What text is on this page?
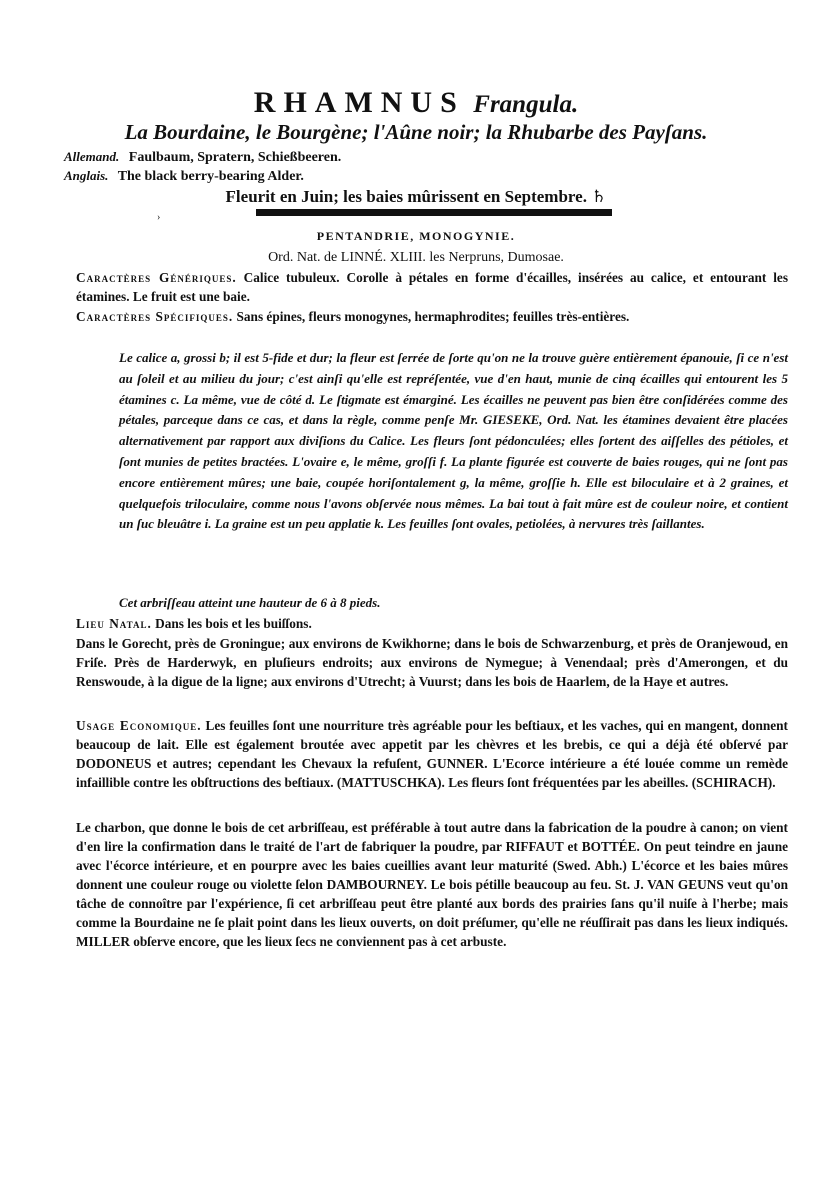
RHAMNUS Frangula.
La Bourdaine, le Bourgène; l'Aûne noir; la Rhubarbe des Payſans.
Allemand. Faulbaum, Spratern, Schießbeeren.
Anglais. The black berry-bearing Alder.
Fleurit en Juin; les baies mûrissent en Septembre. ♄
›
PENTANDRIE, MONOGYNIE.
Ord. Nat. de LINNÉ. XLIII. les Nerpruns, Dumosae.
Caractères Génériques. Calice tubuleux. Corolle à pétales en forme d'écailles, insérées au calice, et entourant les étamines. Le fruit est une baie.
Caractères Spécifiques. Sans épines, fleurs monogynes, hermaphrodites; feuilles très-entières.
Le calice a, grossi b; il est 5-fide et dur; la fleur est ſerrée de ſorte qu'on ne la trouve guère entièrement épanouie, ſi ce n'est au ſoleil et au milieu du jour; c'est ainſi qu'elle est repréſentée, vue d'en haut, munie de cinq écailles qui entourent les 5 étamines c. La même, vue de côté d. Le ſtigmate est émarginé. Les écailles ne peuvent pas bien être conſidérées comme des pétales, parceque dans ce cas, et dans la règle, comme penſe Mr. GIESEKE, Ord. Nat. les étamines devaient être placées alternativement par rapport aux diviſions du Calice. Les fleurs ſont pédonculées; elles ſortent des aiſſelles des pétioles, et ſont munies de petites bractées. L'ovaire e, le même, groſſi f. La plante figurée est couverte de baies rouges, qui ne ſont pas encore entièrement mûres; une baie, coupée horiſontalement g, la même, groſſie h. Elle est biloculaire et à 2 graines, et quelquefois triloculaire, comme nous l'avons obſervée nous mêmes. La bai tout à fait mûre est de couleur noire, et contient un ſuc bleuâtre i. La graine est un peu applatie k. Les feuilles ſont ovales, petiolées, à nervures très ſaillantes.
Cet arbriſſeau atteint une hauteur de 6 à 8 pieds.
Lieu Natal. Dans les bois et les buiſſons.
Dans le Gorecht, près de Groningue; aux environs de Kwikhorne; dans le bois de Schwarzenburg, et près de Oranjewoud, en Friſe. Près de Harderwyk, en pluſieurs endroits; aux environs de Nymegue; à Venendaal; près d'Amerongen, et du Renswoude, à la digue de la ligne; aux environs d'Utrecht; à Vuurst; dans les bois de Haarlem, de la Haye et autres.
Usage Economique. Les feuilles ſont une nourriture très agréable pour les beſtiaux, et les vaches, qui en mangent, donnent beaucoup de lait. Elle est également broutée avec appetit par les chèvres et les brebis, ce qui a déjà été obſervé par DODONEUS et autres; cependant les Chevaux la refuſent, GUNNER. L'Ecorce intérieure a été louée comme un remède infaillible contre les obſtructions des beſtiaux. (MATTUSCHKA). Les fleurs ſont fréquentées par les abeilles. (SCHIRACH).
Le charbon, que donne le bois de cet arbriſſeau, est préférable à tout autre dans la fabrication de la poudre à canon; on vient d'en lire la confirmation dans le traité de l'art de fabriquer la poudre, par RIFFAUT et BOTTÉE. On peut teindre en jaune avec l'écorce intérieure, et en pourpre avec les baies cueillies avant leur maturité (Swed. Abh.) L'écorce et les baies mûres donnent une couleur rouge ou violette ſelon DAMBOURNEY. Le bois pétille beaucoup au feu. St. J. VAN GEUNS veut qu'on tâche de connoître par l'expérience, ſi cet arbriſſeau peut être planté aux bords des prairies ſans qu'il nuiſe à l'herbe; mais comme la Bourdaine ne ſe plait point dans les lieux ouverts, on doit préſumer, qu'elle ne réuſſirait pas dans les lieux indiqués. MILLER obſerve encore, que les lieux ſecs ne conviennent pas à cet arbuste.
